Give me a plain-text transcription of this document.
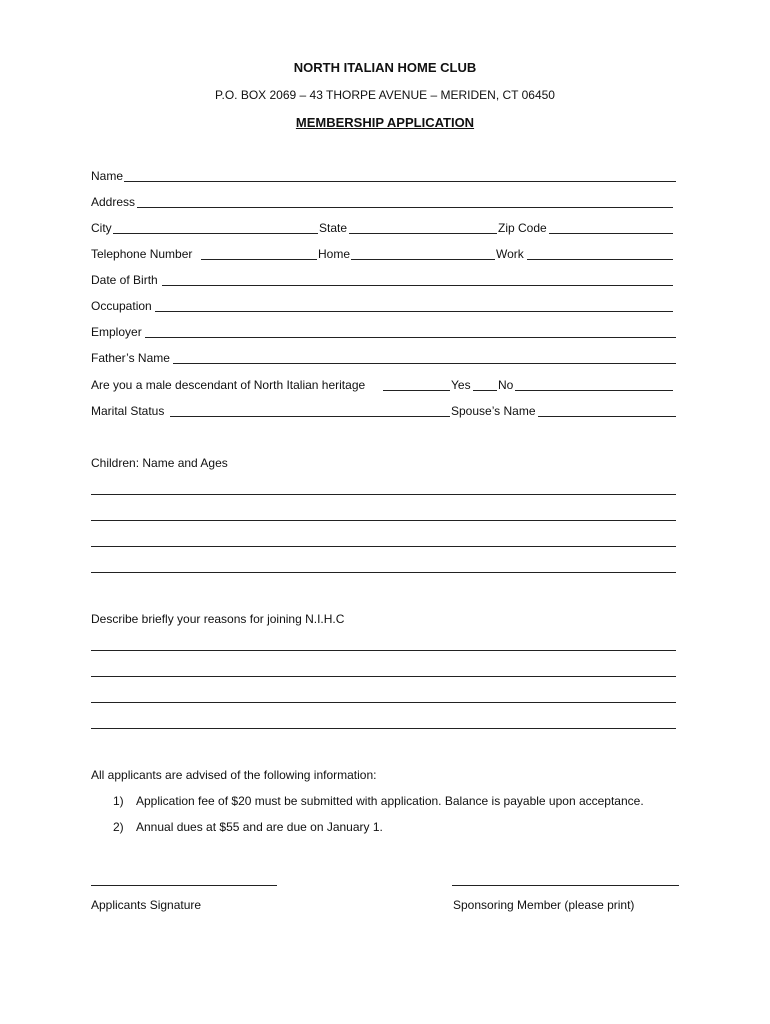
NORTH ITALIAN HOME CLUB
P.O. BOX 2069 – 43 THORPE AVENUE – MERIDEN, CT 06450
MEMBERSHIP APPLICATION
Name
Address
City	State	Zip Code
Telephone Number	Home	Work
Date of Birth
Occupation
Employer
Father’s Name
Are you a male descendant of North Italian heritage	Yes No
Marital Status	Spouse’s Name
Children: Name and Ages
Describe briefly your reasons for joining N.I.H.C
All applicants are advised of the following information:
1) Application fee of $20 must be submitted with application. Balance is payable upon acceptance.
2) Annual dues at $55 and are due on January 1.
Applicants Signature	Sponsoring Member (please print)
